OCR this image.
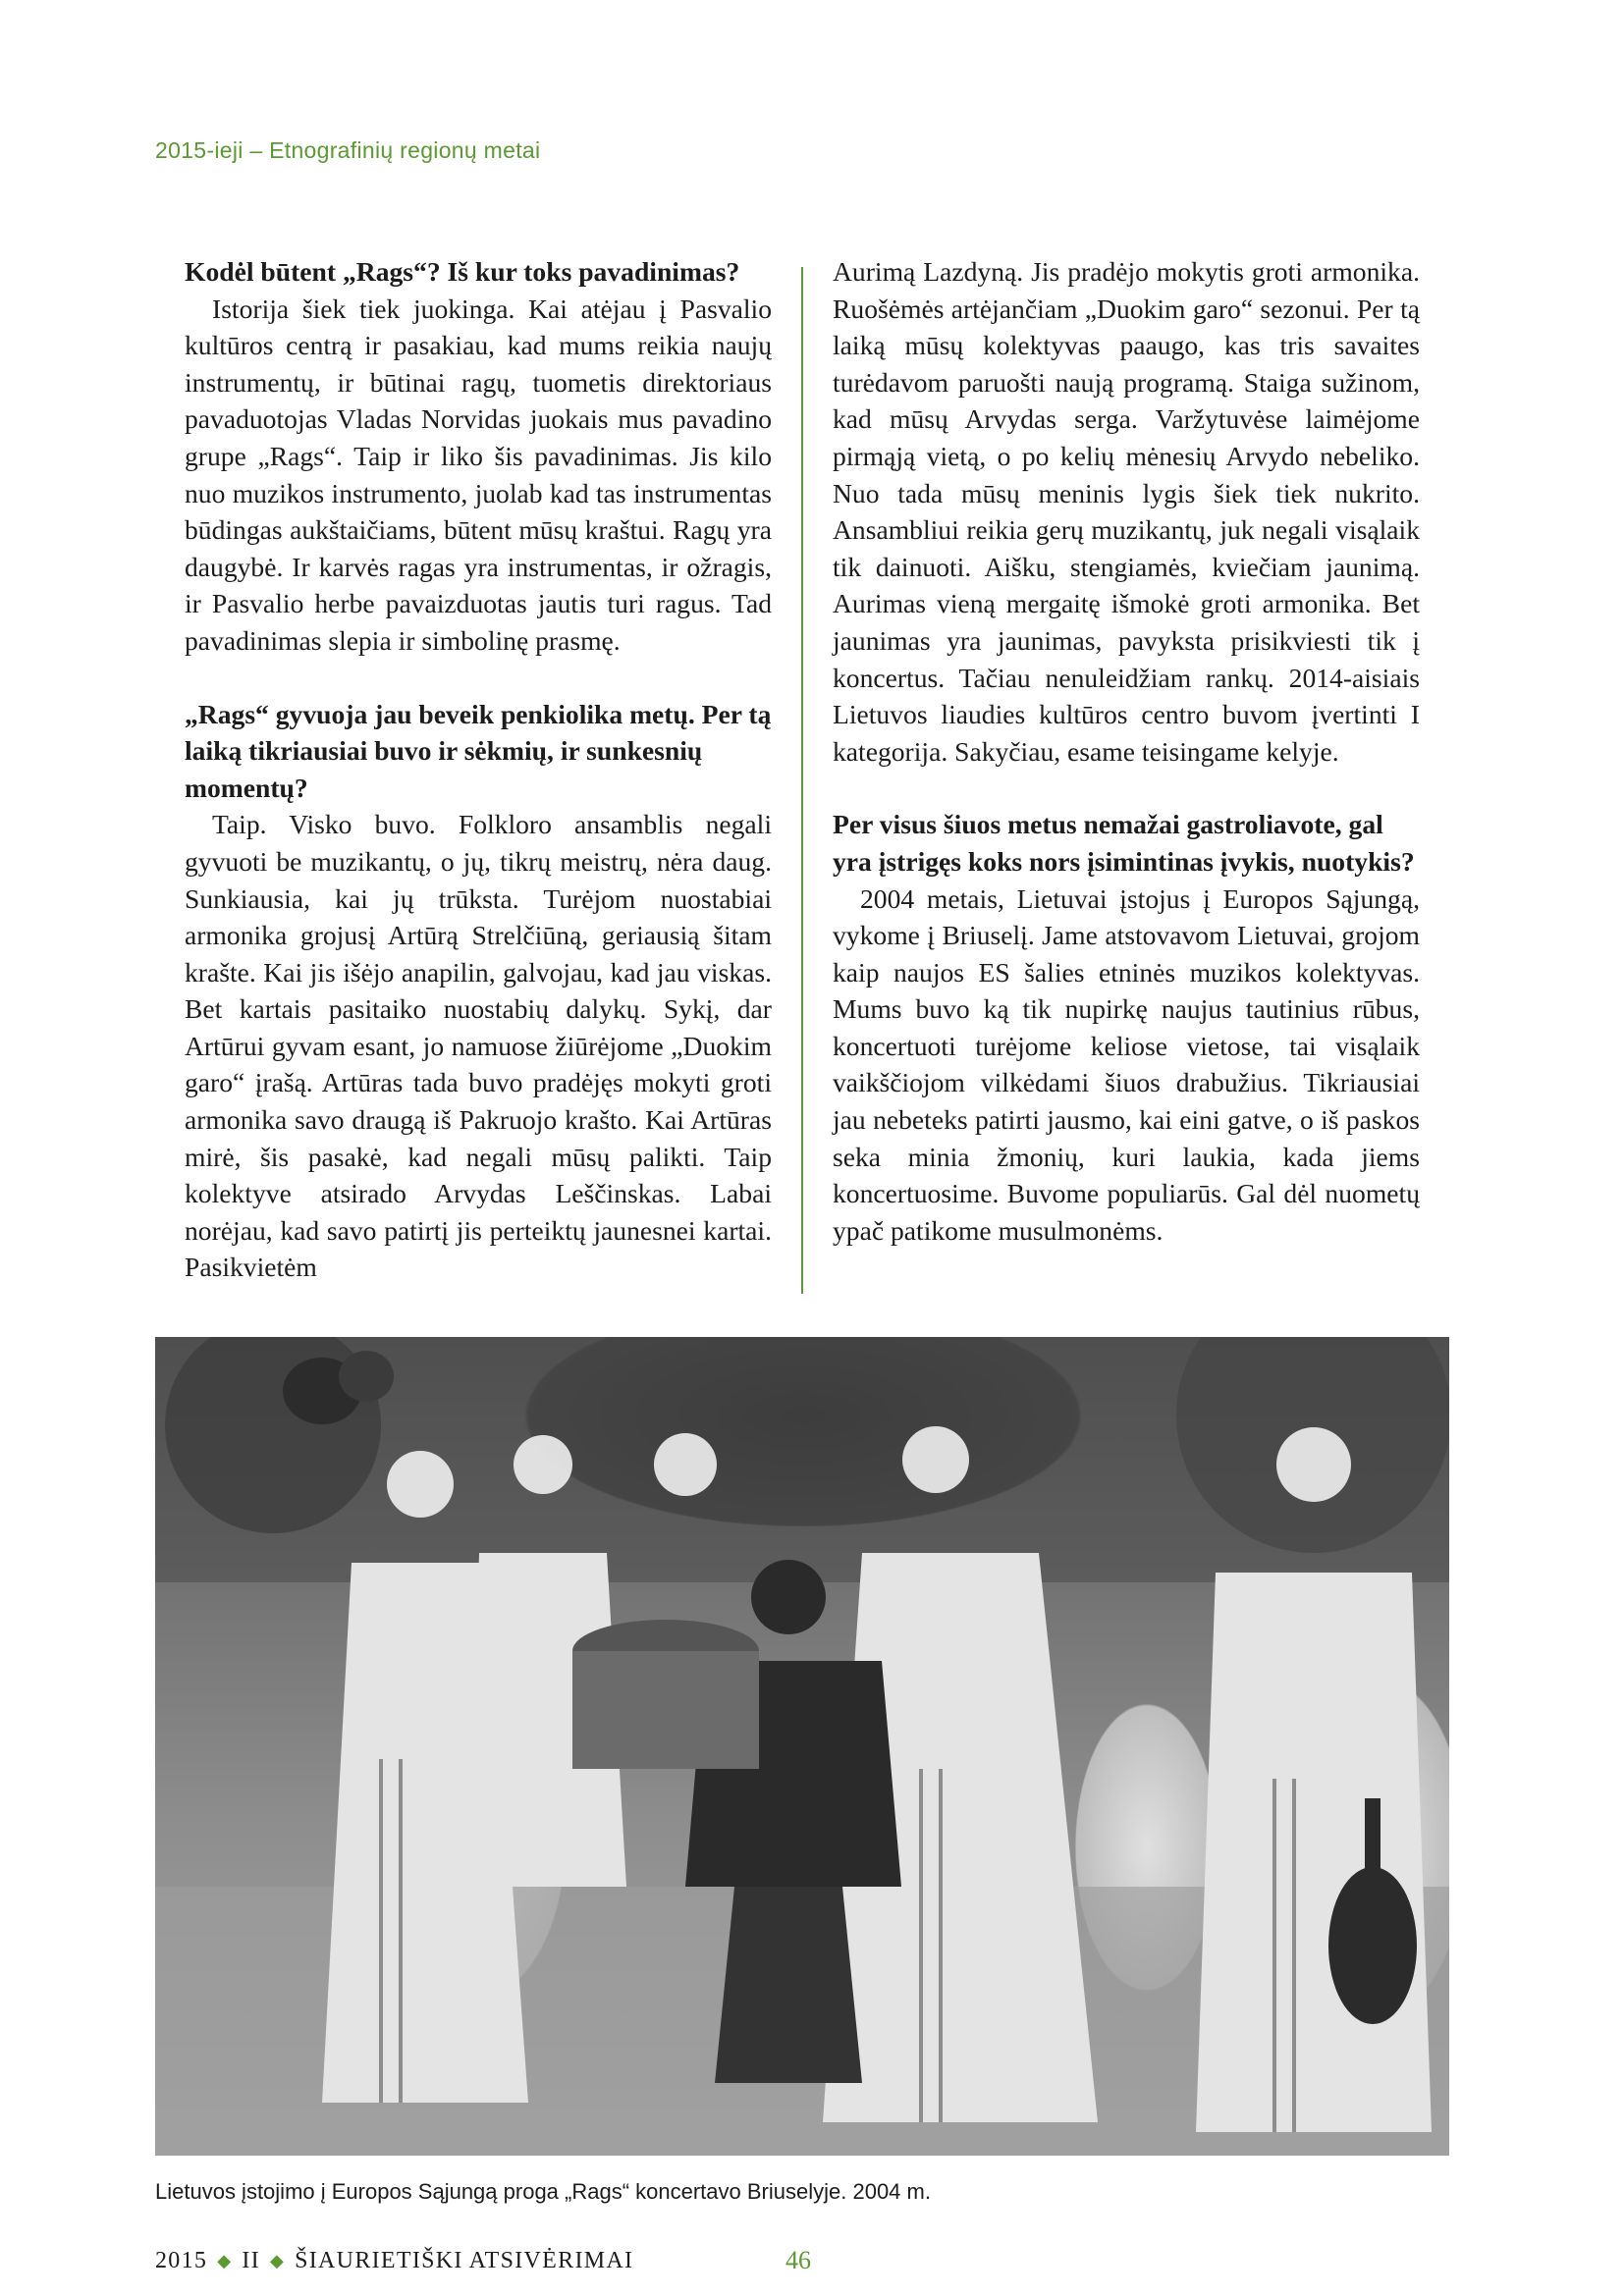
2015-ieji – Etnografinių regionų metai

Kodėl būtent „Rags“? Iš kur toks pavadinimas?

Istorija šiek tiek juokinga. Kai atėjau į Pasvalio kultūros centrą ir pasakiau, kad mums reikia naujų instrumentų, ir būtinai ragų, tuometis direktoriaus pavaduotojas Vladas Norvidas juokais mus pavadino grupe „Rags“. Taip ir liko šis pavadinimas. Jis kilo nuo muzikos instrumento, juolab kad tas instrumentas būdingas aukštaičiams, būtent mūsų kraštui. Ragų yra daugybė. Ir karvės ragas yra instrumentas, ir ožragis, ir Pasvalio herbe pavaizduotas jautis turi ragus. Tad pavadinimas slepia ir simbolinę prasmę.

„Rags“ gyvuoja jau beveik penkiolika metų. Per tą laiką tikriausiai buvo ir sėkmių, ir sunkesnių momentų?

Taip. Visko buvo. Folkloro ansamblis negali gyvuoti be muzikantų, o jų, tikrų meistrų, nėra daug. Sunkiausia, kai jų trūksta. Turėjom nuostabiai armonika grojusį Artūrą Strelčiūną, geriausią šitam krašte. Kai jis išėjo anapilin, galvojau, kad jau viskas. Bet kartais pasitaiko nuostabių dalykų. Sykį, dar Artūrui gyvam esant, jo namuose žiūrėjome „Duokim garo“ įrašą. Artūras tada buvo pradėjęs mokyti groti armonika savo draugą iš Pakruojo krašto. Kai Artūras mirė, šis pasakė, kad negali mūsų palikti. Taip kolektyve atsirado Arvydas Leščinskas. Labai norėjau, kad savo patirtį jis perteiktų jaunesnei kartai. Pasikvietėm

Aurimą Lazdyną. Jis pradėjo mokytis groti armonika. Ruošėmės artėjančiam „Duokim garo“ sezonui. Per tą laiką mūsų kolektyvas paaugo, kas tris savaites turėdavom paruošti naują programą. Staiga sužinom, kad mūsų Arvydas serga. Varžytuvėse laimėjome pirmąją vietą, o po kelių mėnesių Arvydo nebeliko. Nuo tada mūsų meninis lygis šiek tiek nukrito. Ansambliui reikia gerų muzikantų, juk negali visąlaik tik dainuoti. Aišku, stengiamės, kviečiam jaunimą. Aurimas vieną mergaitę išmokė groti armonika. Bet jaunimas yra jaunimas, pavyksta prisikviesti tik į koncertus. Tačiau nenuleidžiam rankų. 2014-aisiais Lietuvos liaudies kultūros centro buvom įvertinti I kategorija. Sakyčiau, esame teisingame kelyje.

Per visus šiuos metus nemažai gastroliavote, gal yra įstrigęs koks nors įsimintinas įvykis, nuotykis?

2004 metais, Lietuvai įstojus į Europos Sąjungą, vykome į Briuselį. Jame atstovavom Lietuvai, grojom kaip naujos ES šalies etninės muzikos kolektyvas. Mums buvo ką tik nupirkę naujus tautinius rūbus, koncertuoti turėjome keliose vietose, tai visąlaik vaikščiojom vilkėdami šiuos drabužius. Tikriausiai jau nebeteks patirti jausmo, kai eini gatve, o iš paskos seka minia žmonių, kuri laukia, kada jiems koncertuosime. Buvome populiarūs. Gal dėl nuometų ypač patikome musulmonėms.

Lietuvos įstojimo į Europos Sąjungą proga „Rags“ koncertavo Briuselyje. 2004 m.
2015 ◆ II ◆ ŠIAURIETIŠKI ATSIVĖRIMAI	46
